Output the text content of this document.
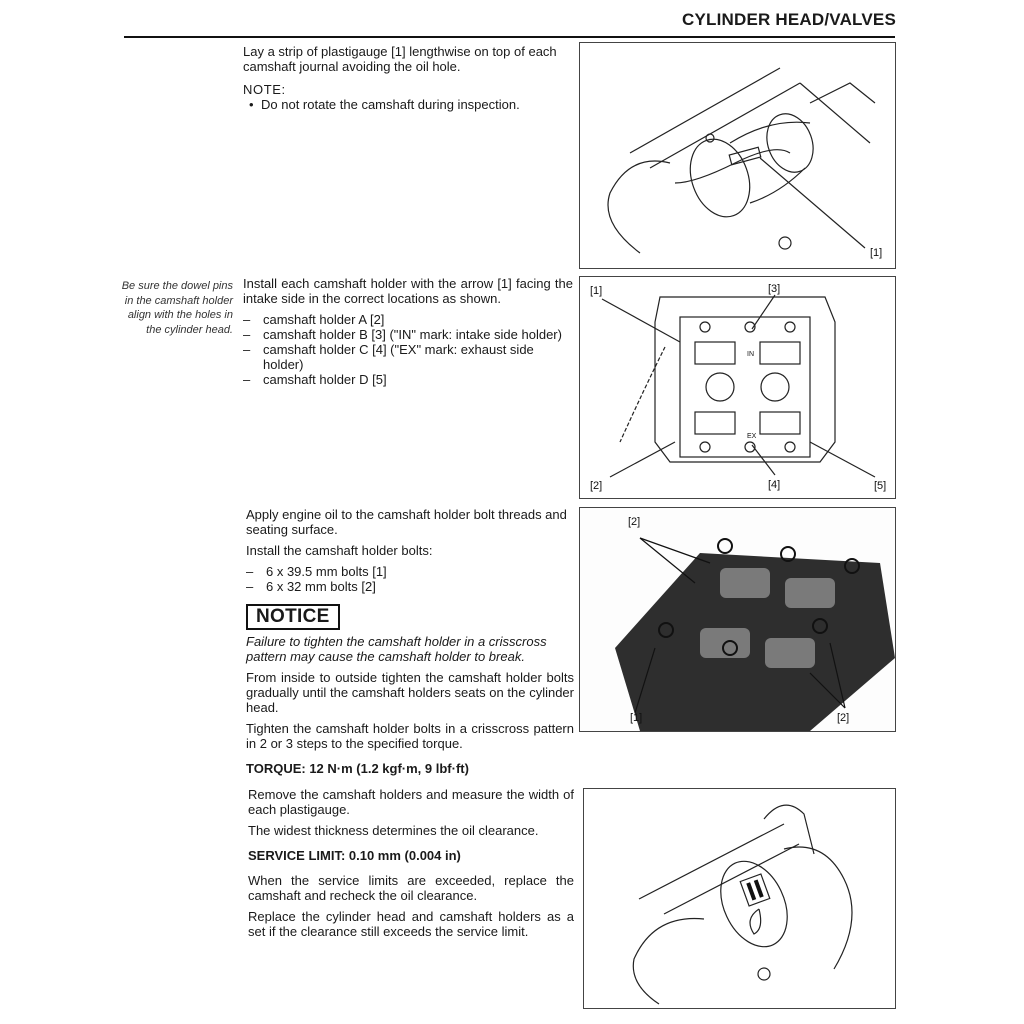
CYLINDER HEAD/VALVES

Lay a strip of plastigauge [1] lengthwise on top of each camshaft journal avoiding the oil hole.

NOTE:
• Do not rotate the camshaft during inspection.
[1]
Be sure the dowel pins in the camshaft holder align with the holes in the cylinder head.

Install each camshaft holder with the arrow [1] facing the intake side in the correct locations as shown.

– camshaft holder A [2]
– camshaft holder B [3] ("IN" mark: intake side holder)
– camshaft holder C [4] ("EX" mark: exhaust side holder)
– camshaft holder D [5]
[1]	[3]
[2]	[4]	[5]
IN
EX

Apply engine oil to the camshaft holder bolt threads and seating surface.

Install the camshaft holder bolts:

– 6 x 39.5 mm bolts [1]
– 6 x 32 mm bolts [2]
NOTICE

Failure to tighten the camshaft holder in a crisscross pattern may cause the camshaft holder to break.

From inside to outside tighten the camshaft holder bolts gradually until the camshaft holders seats on the cylinder head.

Tighten the camshaft holder bolts in a crisscross pattern in 2 or 3 steps to the specified torque.

TORQUE: 12 N·m (1.2 kgf·m, 9 lbf·ft)

[2]
[1]	[2]

Remove the camshaft holders and measure the width of each plastigauge.

The widest thickness determines the oil clearance.

SERVICE LIMIT: 0.10 mm (0.004 in)

When the service limits are exceeded, replace the camshaft and recheck the oil clearance.

Replace the cylinder head and camshaft holders as a set if the clearance still exceeds the service limit.
